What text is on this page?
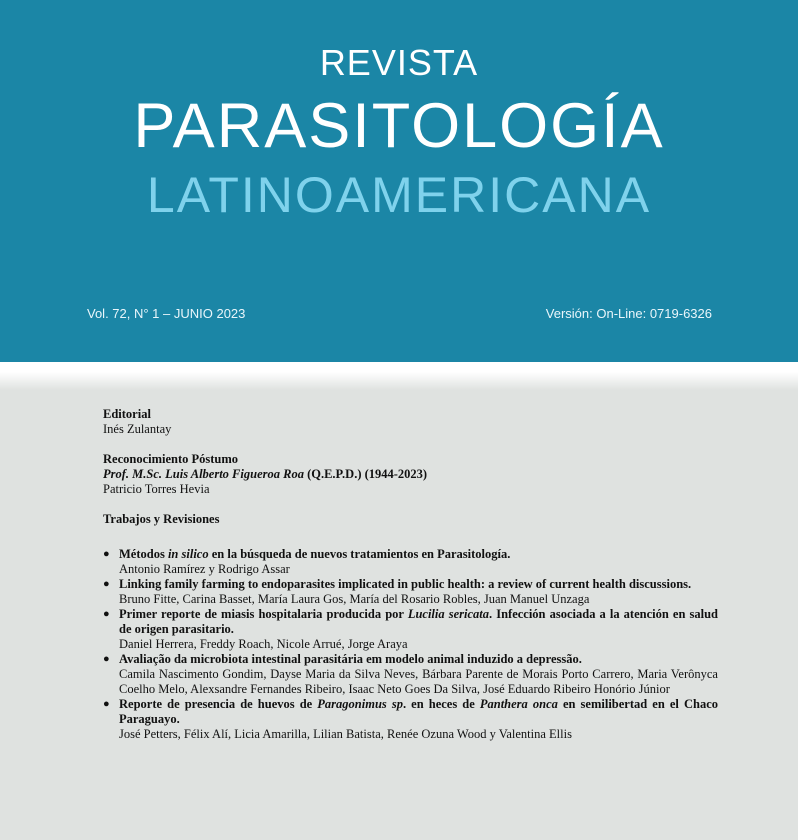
REVISTA
PARASITOLOGÍA
LATINOAMERICANA
Vol. 72, N° 1 – JUNIO 2023	Versión: On-Line: 0719-6326
Editorial
Inés Zulantay
Reconocimiento Póstumo
Prof. M.Sc. Luis Alberto Figueroa Roa (Q.E.P.D.) (1944-2023)
Patricio Torres Hevia
Trabajos y Revisiones
● Métodos in silico en la búsqueda de nuevos tratamientos en Parasitología.
Antonio Ramírez y Rodrigo Assar
● Linking family farming to endoparasites implicated in public health: a review of current health discussions.
Bruno Fitte, Carina Basset, María Laura Gos, María del Rosario Robles, Juan Manuel Unzaga
● Primer reporte de miasis hospitalaria producida por Lucilia sericata. Infección asociada a la atención en salud de origen parasitario.
Daniel Herrera, Freddy Roach, Nicole Arrué, Jorge Araya
● Avaliação da microbiota intestinal parasitária em modelo animal induzido a depressão.
Camila Nascimento Gondim, Dayse Maria da Silva Neves, Bárbara Parente de Morais Porto Carrero, Maria Verônyca Coelho Melo, Alexsandre Fernandes Ribeiro, Isaac Neto Goes Da Silva, José Eduardo Ribeiro Honório Júnior
● Reporte de presencia de huevos de Paragonimus sp. en heces de Panthera onca en semilibertad en el Chaco Paraguayo.
José Petters, Félix Alí, Licia Amarilla, Lilian Batista, Renée Ozuna Wood y Valentina Ellis
